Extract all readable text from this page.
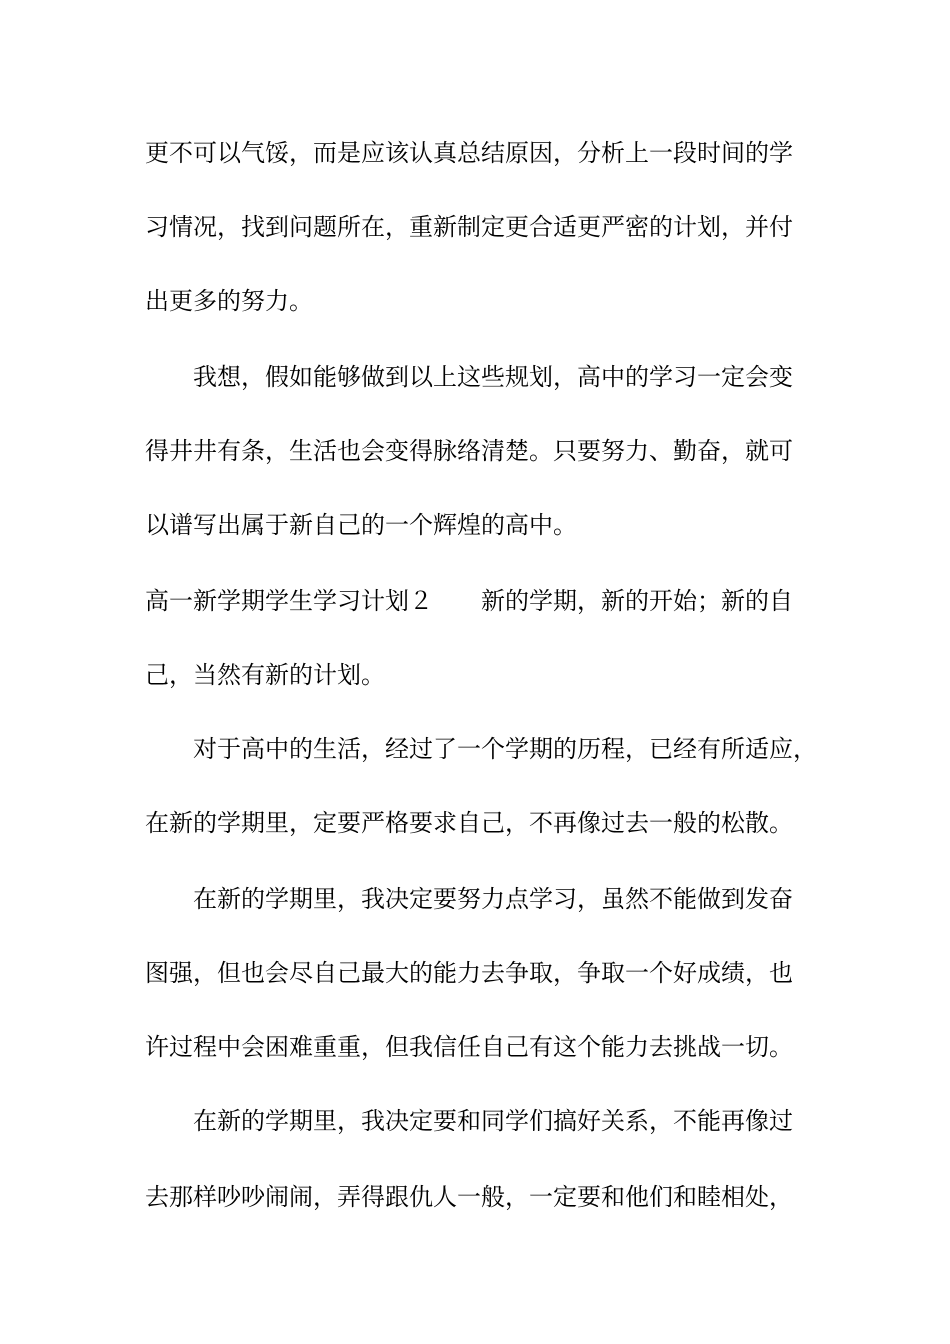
更不可以气馁，而是应该认真总结原因，分析上一段时间的学
习情况，找到问题所在，重新制定更合适更严密的计划，并付
出更多的努力。
我想，假如能够做到以上这些规划，高中的学习一定会变
得井井有条，生活也会变得脉络清楚。只要努力、勤奋，就可
以谱写出属于新自己的一个辉煌的高中。
高一新学期学生学习计划２ 新的学期，新的开始；新的自
己，当然有新的计划。
对于高中的生活，经过了一个学期的历程，已经有所适应，
在新的学期里，定要严格要求自己，不再像过去一般的松散。
在新的学期里，我决定要努力点学习，虽然不能做到发奋
图强，但也会尽自己最大的能力去争取，争取一个好成绩，也
许过程中会困难重重，但我信任自己有这个能力去挑战一切。
在新的学期里，我决定要和同学们搞好关系，不能再像过
去那样吵吵闹闹，弄得跟仇人一般，一定要和他们和睦相处，
